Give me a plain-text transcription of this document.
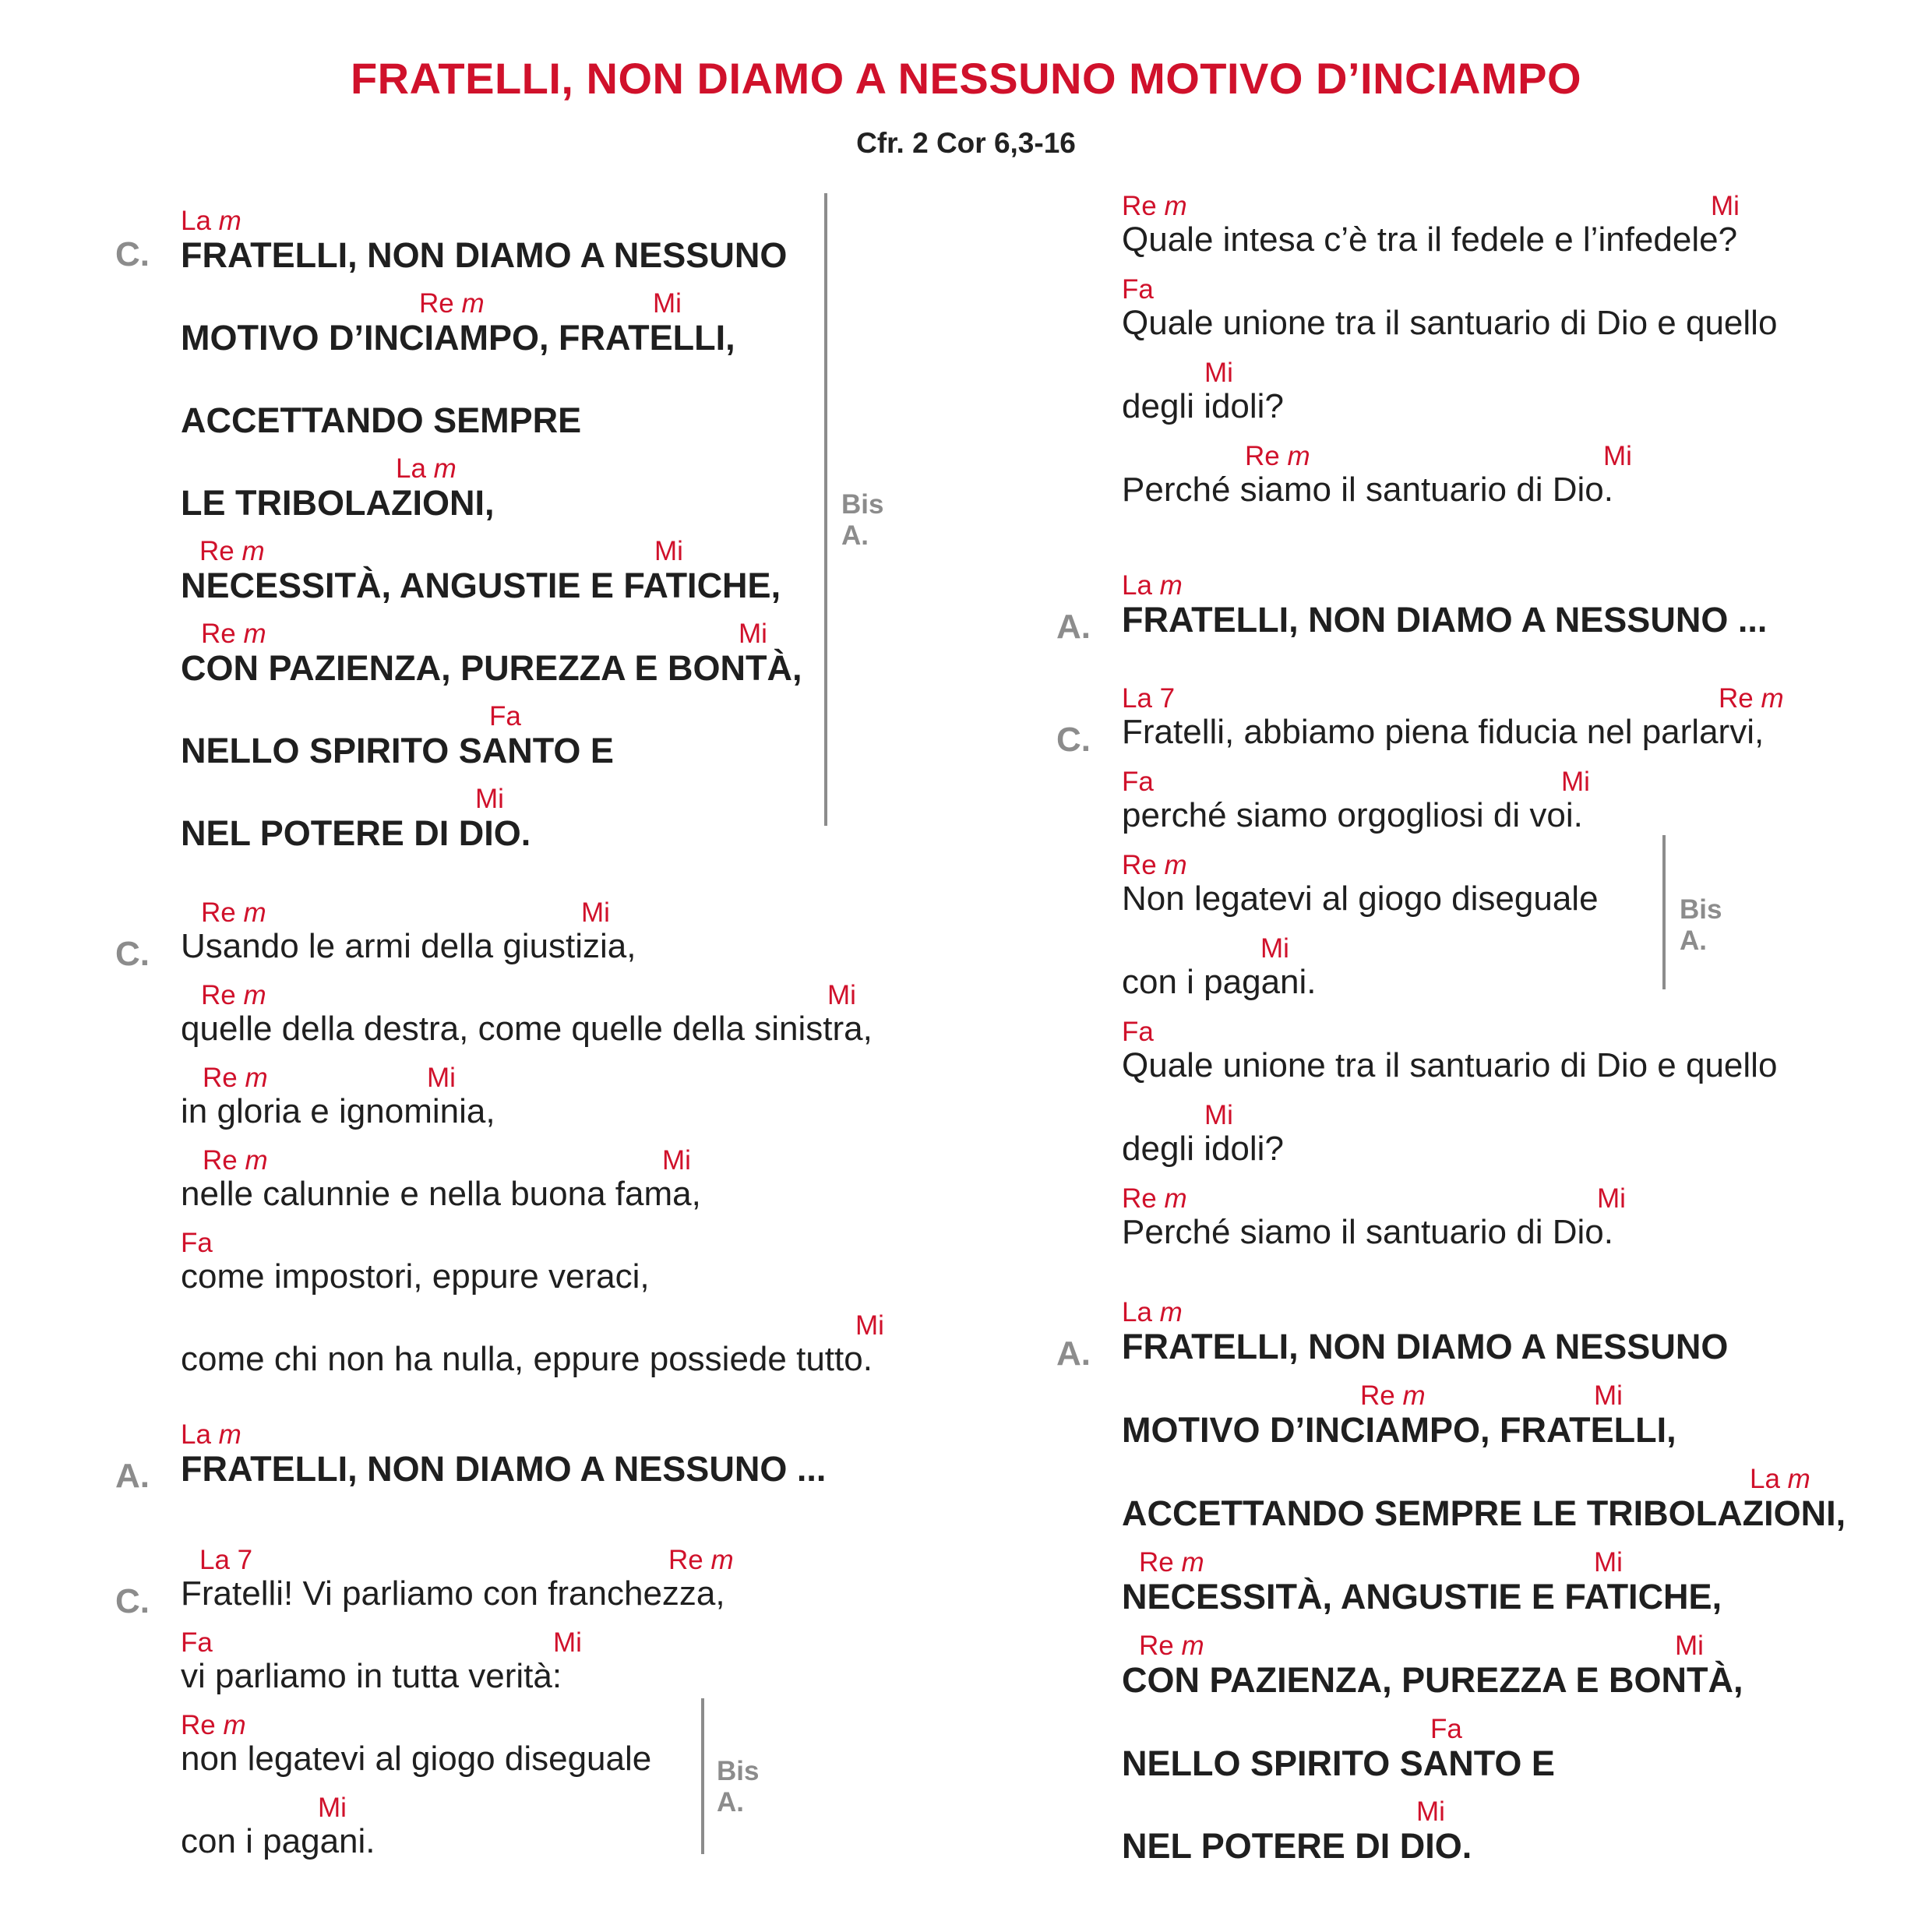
FRATELLI, NON DIAMO A NESSUNO MOTIVO D’INCIAMPO
Cfr. 2 Cor 6,3-16
C.
La m
FRATELLI, NON DIAMO A NESSUNO
Re m	Mi
MOTIVO D’INCIAMPO, FRATELLI,
ACCETTANDO SEMPRE
La m
LE TRIBOLAZIONI,
Re m	Mi
NECESSITÀ, ANGUSTIE E FATICHE,
Re m	Mi
CON PAZIENZA, PUREZZA E BONTÀ,
Fa
NELLO SPIRITO SANTO E
Mi
NEL POTERE DI DIO.
C.
Re m	Mi
Usando le armi della giustizia,
Re m	Mi
quelle della destra, come quelle della sinistra,
Re m	Mi
in gloria e ignominia,
Re m	Mi
nelle calunnie e nella buona fama,
Fa
come impostori, eppure veraci,
Mi
come chi non ha nulla, eppure possiede tutto.
A.
La m
FRATELLI, NON DIAMO A NESSUNO ...
C.
La 7	Re m
Fratelli! Vi parliamo con franchezza,
Fa	Mi
vi parliamo in tutta verità:
Re m
non legatevi al giogo diseguale
Mi
con i pagani.
Bis A.
Bis A.
Re m	Mi
Quale intesa c’è tra il fedele e l’infedele?
Fa
Quale unione tra il santuario di Dio e quello
Mi
degli idoli?
Re m	Mi
Perché siamo il santuario di Dio.
A.
La m
FRATELLI, NON DIAMO A NESSUNO ...
C.
La 7	Re m
Fratelli, abbiamo piena fiducia nel parlarvi,
Fa	Mi
perché siamo orgogliosi di voi.
Re m
Non legatevi al giogo diseguale
Mi
con i pagani.
Fa
Quale unione tra il santuario di Dio e quello
Mi
degli idoli?
Re m	Mi
Perché siamo il santuario di Dio.
A.
La m
FRATELLI, NON DIAMO A NESSUNO
Re m	Mi
MOTIVO D’INCIAMPO, FRATELLI,
La m
ACCETTANDO SEMPRE LE TRIBOLAZIONI,
Re m	Mi
NECESSITÀ, ANGUSTIE E FATICHE,
Re m	Mi
CON PAZIENZA, PUREZZA E BONTÀ,
Fa
NELLO SPIRITO SANTO E
Mi
NEL POTERE DI DIO.
Bis A.
